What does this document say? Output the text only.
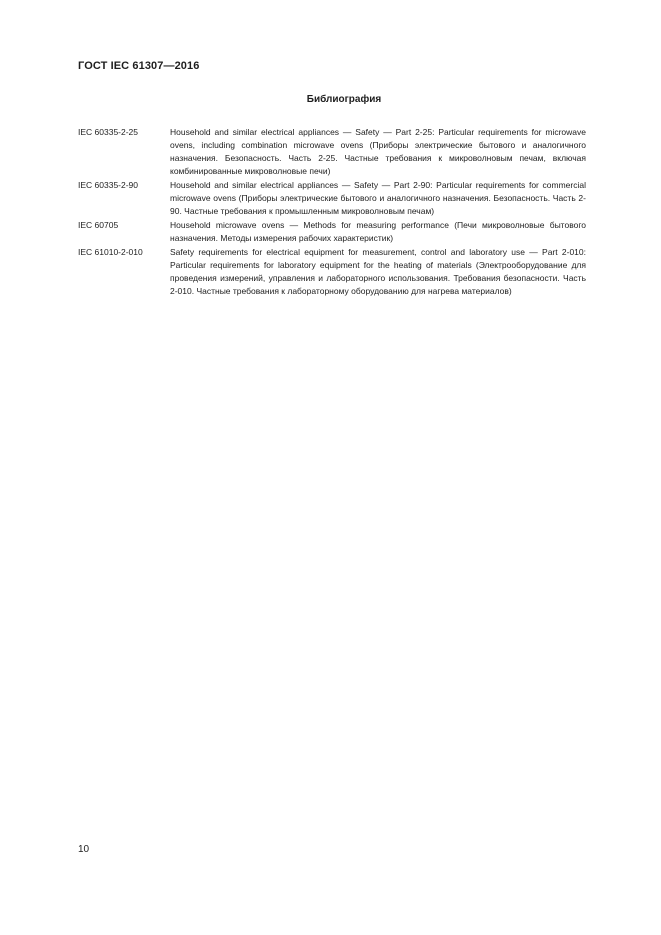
ГОСТ IEC 61307—2016
Библиография
IEC 60335-2-25	Household and similar electrical appliances — Safety — Part 2-25: Particular requirements for microwave ovens, including combination microwave ovens (Приборы электрические бытового и аналогичного назначения. Безопасность. Часть 2-25. Частные требования к микроволновым печам, включая комбинированные микроволновые печи)
IEC 60335-2-90	Household and similar electrical appliances — Safety — Part 2-90: Particular requirements for commercial microwave ovens (Приборы электрические бытового и аналогичного назначения. Безопасность. Часть 2-90. Частные требования к промышленным микроволновым печам)
IEC 60705	Household microwave ovens — Methods for measuring performance (Печи микроволновые бытового назначения. Методы измерения рабочих характеристик)
IEC 61010-2-010	Safety requirements for electrical equipment for measurement, control and laboratory use — Part 2-010: Particular requirements for laboratory equipment for the heating of materials (Электрооборудование для проведения измерений, управления и лабораторного использования. Требования безопасности. Часть 2-010. Частные требования к лабораторному оборудованию для нагрева материалов)
10
